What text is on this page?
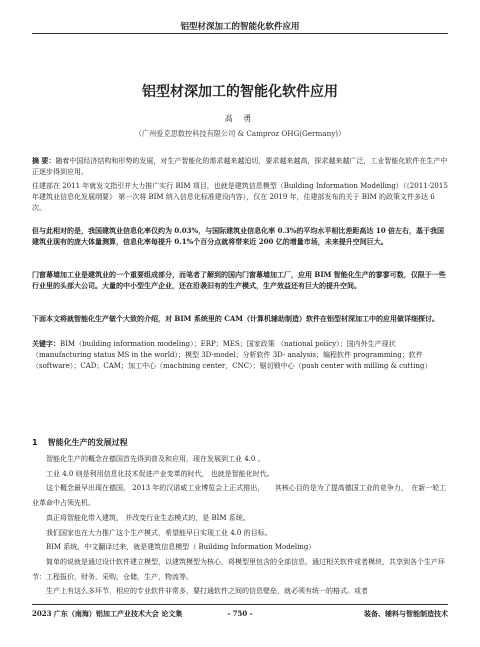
铝型材深加工的智能化软件应用
铝型材深加工的智能化软件应用
高 勇
（广州爱克思数控科技有限公司 & Camproz OHG(Germany)）

摘 要：随着中国经济结构和形势的发展，对生产智能化的需求越来越迫切，要求越来越高，探求越来越广泛，工业智能化软件在生产中正逐步得到应用。

住建部在 2011 年就发文指引并大力推广实行 BIM 项目，也就是建筑信息模型（Building Information Modelling）（《2011-2015 年建筑业信息化发展纲要》 第一次将 BIM 纳入信息化标准建设内容），仅在 2019 年，住建部发布的关于 BIM 的政策文件多达 6 次。

但与此相对的是，我国建筑业信息化率仅约为 0.03%，与国际建筑业信息化率 0.3%的平均水平相比差距高达 10 倍左右，基于我国建筑业现有的庞大体量测算，信息化率每提升 0.1%个百分点就将带来近 200 亿的增量市场，未来提升空间巨大。

门窗幕墙加工业是建筑业的一个重要组成部分，而笔者了解到的国内门窗幕墙加工厂，应用 BIM 智能化生产的寥寥可数，仅限于一些行业里的头部大公司。大量的中小型生产企业，还在沿袭旧有的生产模式，生产效益还有巨大的提升空间。

下面本文将就智能化生产做个大致的介绍，对 BIM 系统里的 CAM（计算机辅助制造）软件在铝型材深加工中的应用做详细探讨。

关键字：BIM（building information modeling）；ERP；MES；国家政策 （national policy）；国内外生产现状（manufacturing status MS in the world）；模型 3D-model；分析软件 3D- analysis；编程软件 programming；软件（software）；CAD；CAM；加工中心（machining center，CNC）；锯切锁中心（push center with milling & cutting）

1 智能化生产的发展过程

智能化生产的概念在德国首先得到普及和应用，现在发展到工业 4.0 。

工业 4.0 则是利用信息化技术促进产业变革的时代， 也就是智能化时代。

这个概念最早出现在德国， 2013 年的汉诺威工业博览会上正式推出，　　其核心目的是为了提高德国工业的竞争力，　在新一轮工业革命中占领先机。

真正将智能化带入建筑， 并改变行业生态模式的，是 BIM 系统。

我们国家也在大力推广这个生产模式，希望能早日实现工业 4.0 的目标。

BIM 系统，中文翻译过来，就是建筑信息模型（ Building Information Modeling）

简单的说就是通过设计软件建立模型，以建筑模型为核心，将模型里包含的全部信息，通过相关软件或者模块，共享到各个生产环节：工程报价，财务，采购，仓储，生产，物流等。

生产上有这么多环节，相应的专业软件非常多，要打通软件之间的信息壁垒，就必须有统一的格式。或者

2023 广东（南海）铝加工产业技术大会 论文集	- 750 -	装备、辅料与智能制造技术
